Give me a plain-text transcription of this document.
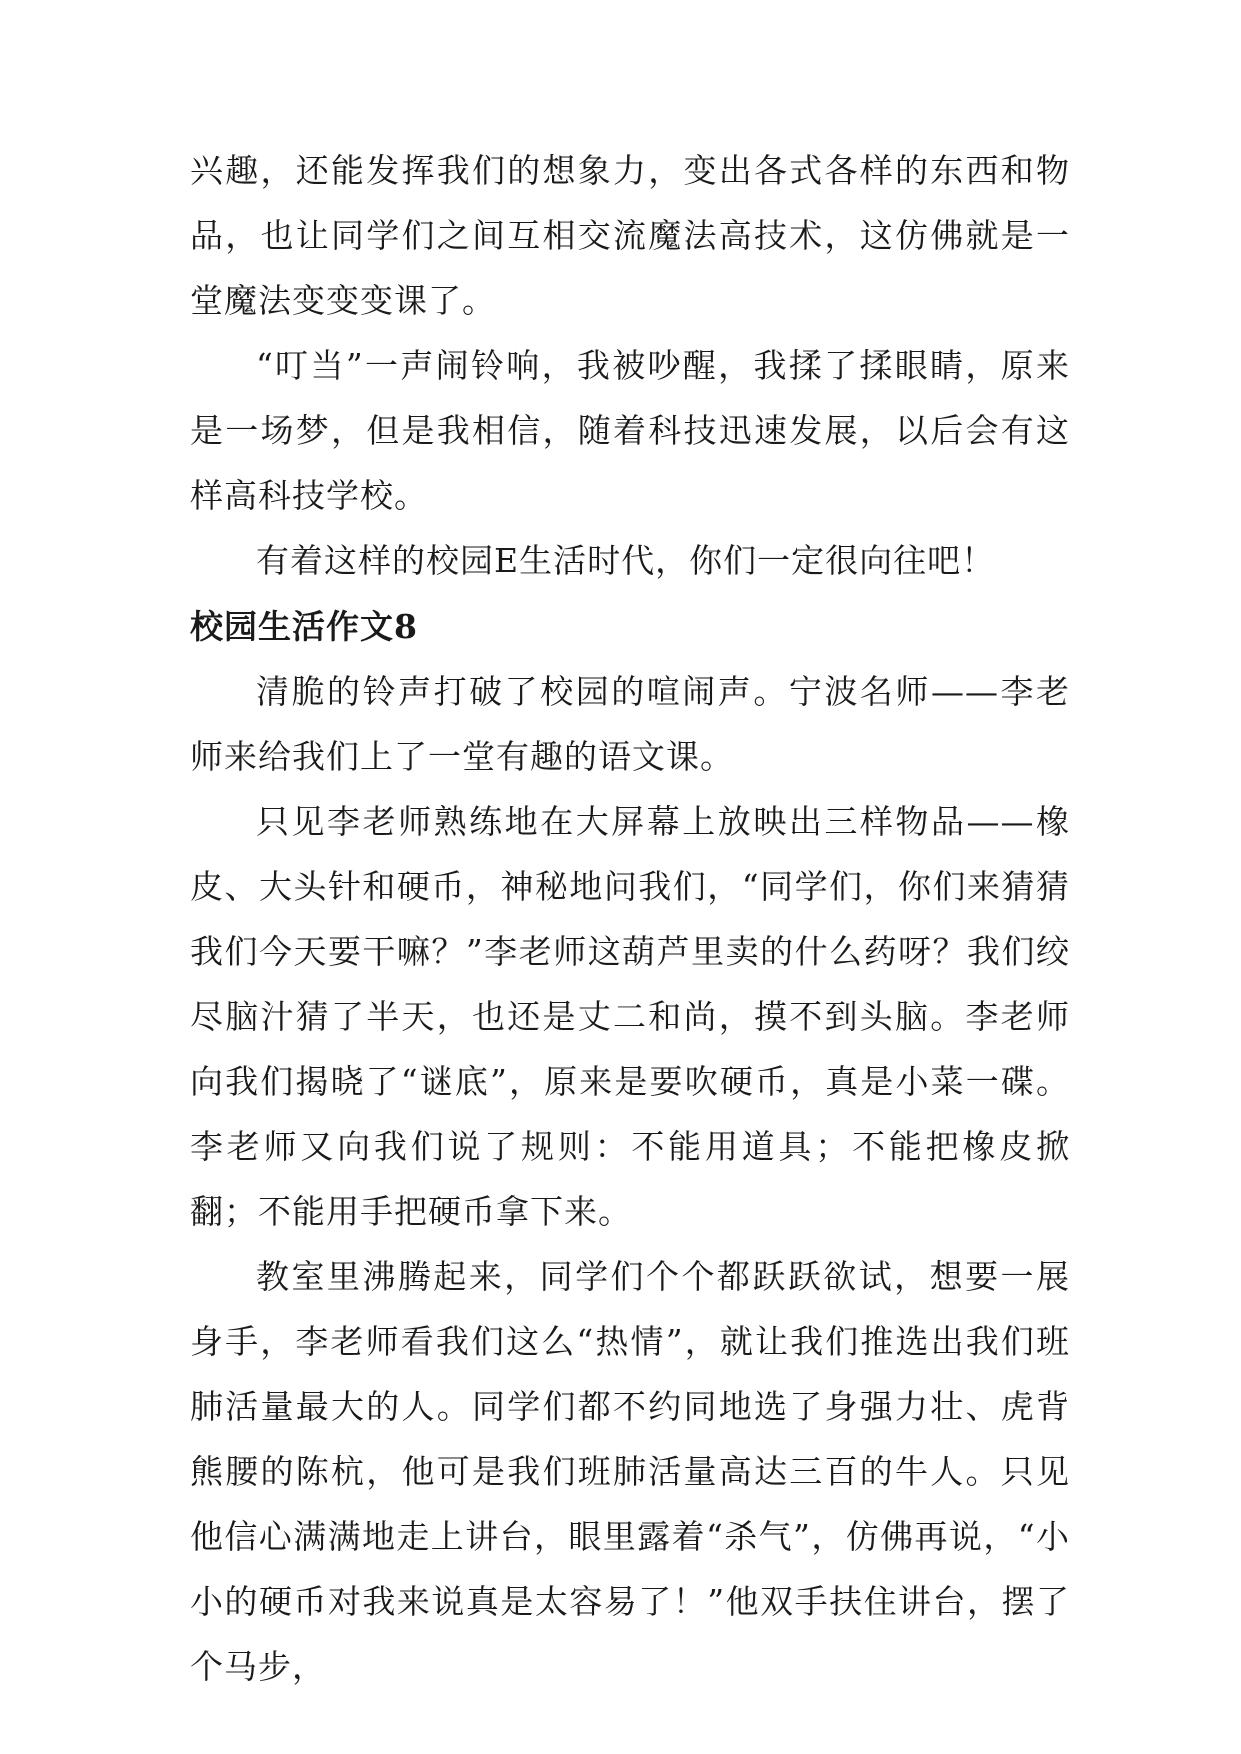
兴趣，还能发挥我们的想象力，变出各式各样的东西和物品，也让同学们之间互相交流魔法高技术，这仿佛就是一堂魔法变变变课了。

“叮当”一声闹铃响，我被吵醒，我揉了揉眼睛，原来是一场梦，但是我相信，随着科技迅速发展，以后会有这样高科技学校。

有着这样的校园E生活时代，你们一定很向往吧！

校园生活作文8

清脆的铃声打破了校园的喧闹声。宁波名师——李老师来给我们上了一堂有趣的语文课。

只见李老师熟练地在大屏幕上放映出三样物品——橡皮、大头针和硬币，神秘地问我们，“同学们，你们来猜猜我们今天要干嘛？”李老师这葫芦里卖的什么药呀？我们绞尽脑汁猜了半天，也还是丈二和尚，摸不到头脑。李老师向我们揭晓了“谜底”，原来是要吹硬币，真是小菜一碟。李老师又向我们说了规则：不能用道具；不能把橡皮掀翻；不能用手把硬币拿下来。

教室里沸腾起来，同学们个个都跃跃欲试，想要一展身手，李老师看我们这么“热情”，就让我们推选出我们班肺活量最大的人。同学们都不约同地选了身强力壮、虎背熊腰的陈杭，他可是我们班肺活量高达三百的牛人。只见他信心满满地走上讲台，眼里露着“杀气”，仿佛再说，“小小的硬币对我来说真是太容易了！”他双手扶住讲台，摆了个马步，
